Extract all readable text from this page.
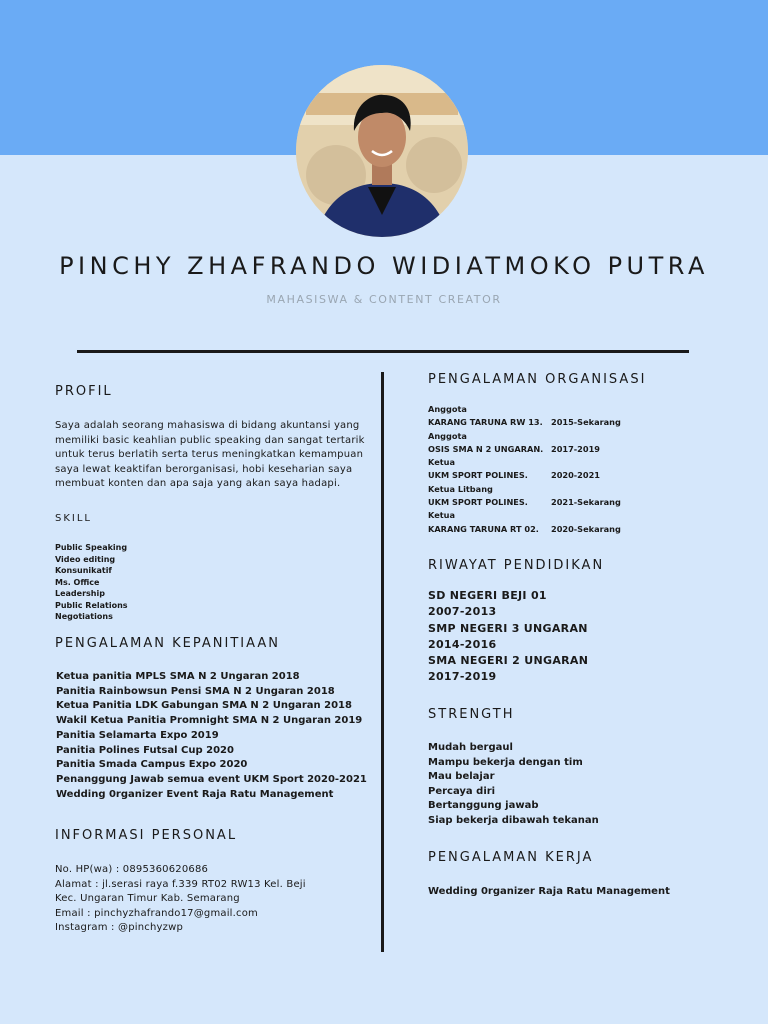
PINCHY ZHAFRANDO WIDIATMOKO PUTRA
MAHASISWA & CONTENT CREATOR
PROFIL
Saya adalah seorang mahasiswa di bidang akuntansi yang memiliki basic keahlian public speaking dan sangat tertarik untuk terus berlatih serta terus meningkatkan kemampuan saya lewat keaktifan berorganisasi, hobi keseharian saya membuat konten dan apa saja yang akan saya hadapi.
SKILL
Public Speaking
Video editing
Konsunikatif
Ms. Office
Leadership
Public Relations
Negotiations
PENGALAMAN KEPANITIAAN
Ketua panitia MPLS SMA N 2 Ungaran 2018
Panitia Rainbowsun Pensi SMA N 2 Ungaran 2018
Ketua Panitia LDK Gabungan SMA N 2 Ungaran 2018
Wakil Ketua Panitia Promnight SMA N 2 Ungaran 2019
Panitia Selamarta Expo 2019
Panitia Polines Futsal Cup 2020
Panitia Smada Campus Expo 2020
Penanggung Jawab semua event UKM Sport 2020-2021
Wedding 0rganizer Event Raja Ratu Management
INFORMASI PERSONAL
No. HP(wa) : 0895360620686
Alamat : jl.serasi raya f.339 RT02 RW13 Kel. Beji
Kec. Ungaran Timur Kab. Semarang
Email : pinchyzhafrando17@gmail.com
Instagram : @pinchyzwp
PENGALAMAN ORGANISASI
Anggota
KARANG TARUNA RW 13. 2015-Sekarang
Anggota
OSIS SMA N 2 UNGARAN. 2017-2019
Ketua
UKM SPORT POLINES.	2020-2021
Ketua Litbang
UKM SPORT POLINES.	2021-Sekarang
Ketua
KARANG TARUNA RT 02. 2020-Sekarang
RIWAYAT PENDIDIKAN
SD NEGERI BEJI 01
2007-2013
SMP NEGERI 3 UNGARAN
2014-2016
SMA NEGERI 2 UNGARAN
2017-2019
STRENGTH
Mudah bergaul
Mampu bekerja dengan tim
Mau belajar
Percaya diri
Bertanggung jawab
Siap bekerja dibawah tekanan
PENGALAMAN KERJA
Wedding 0rganizer Raja Ratu Management
